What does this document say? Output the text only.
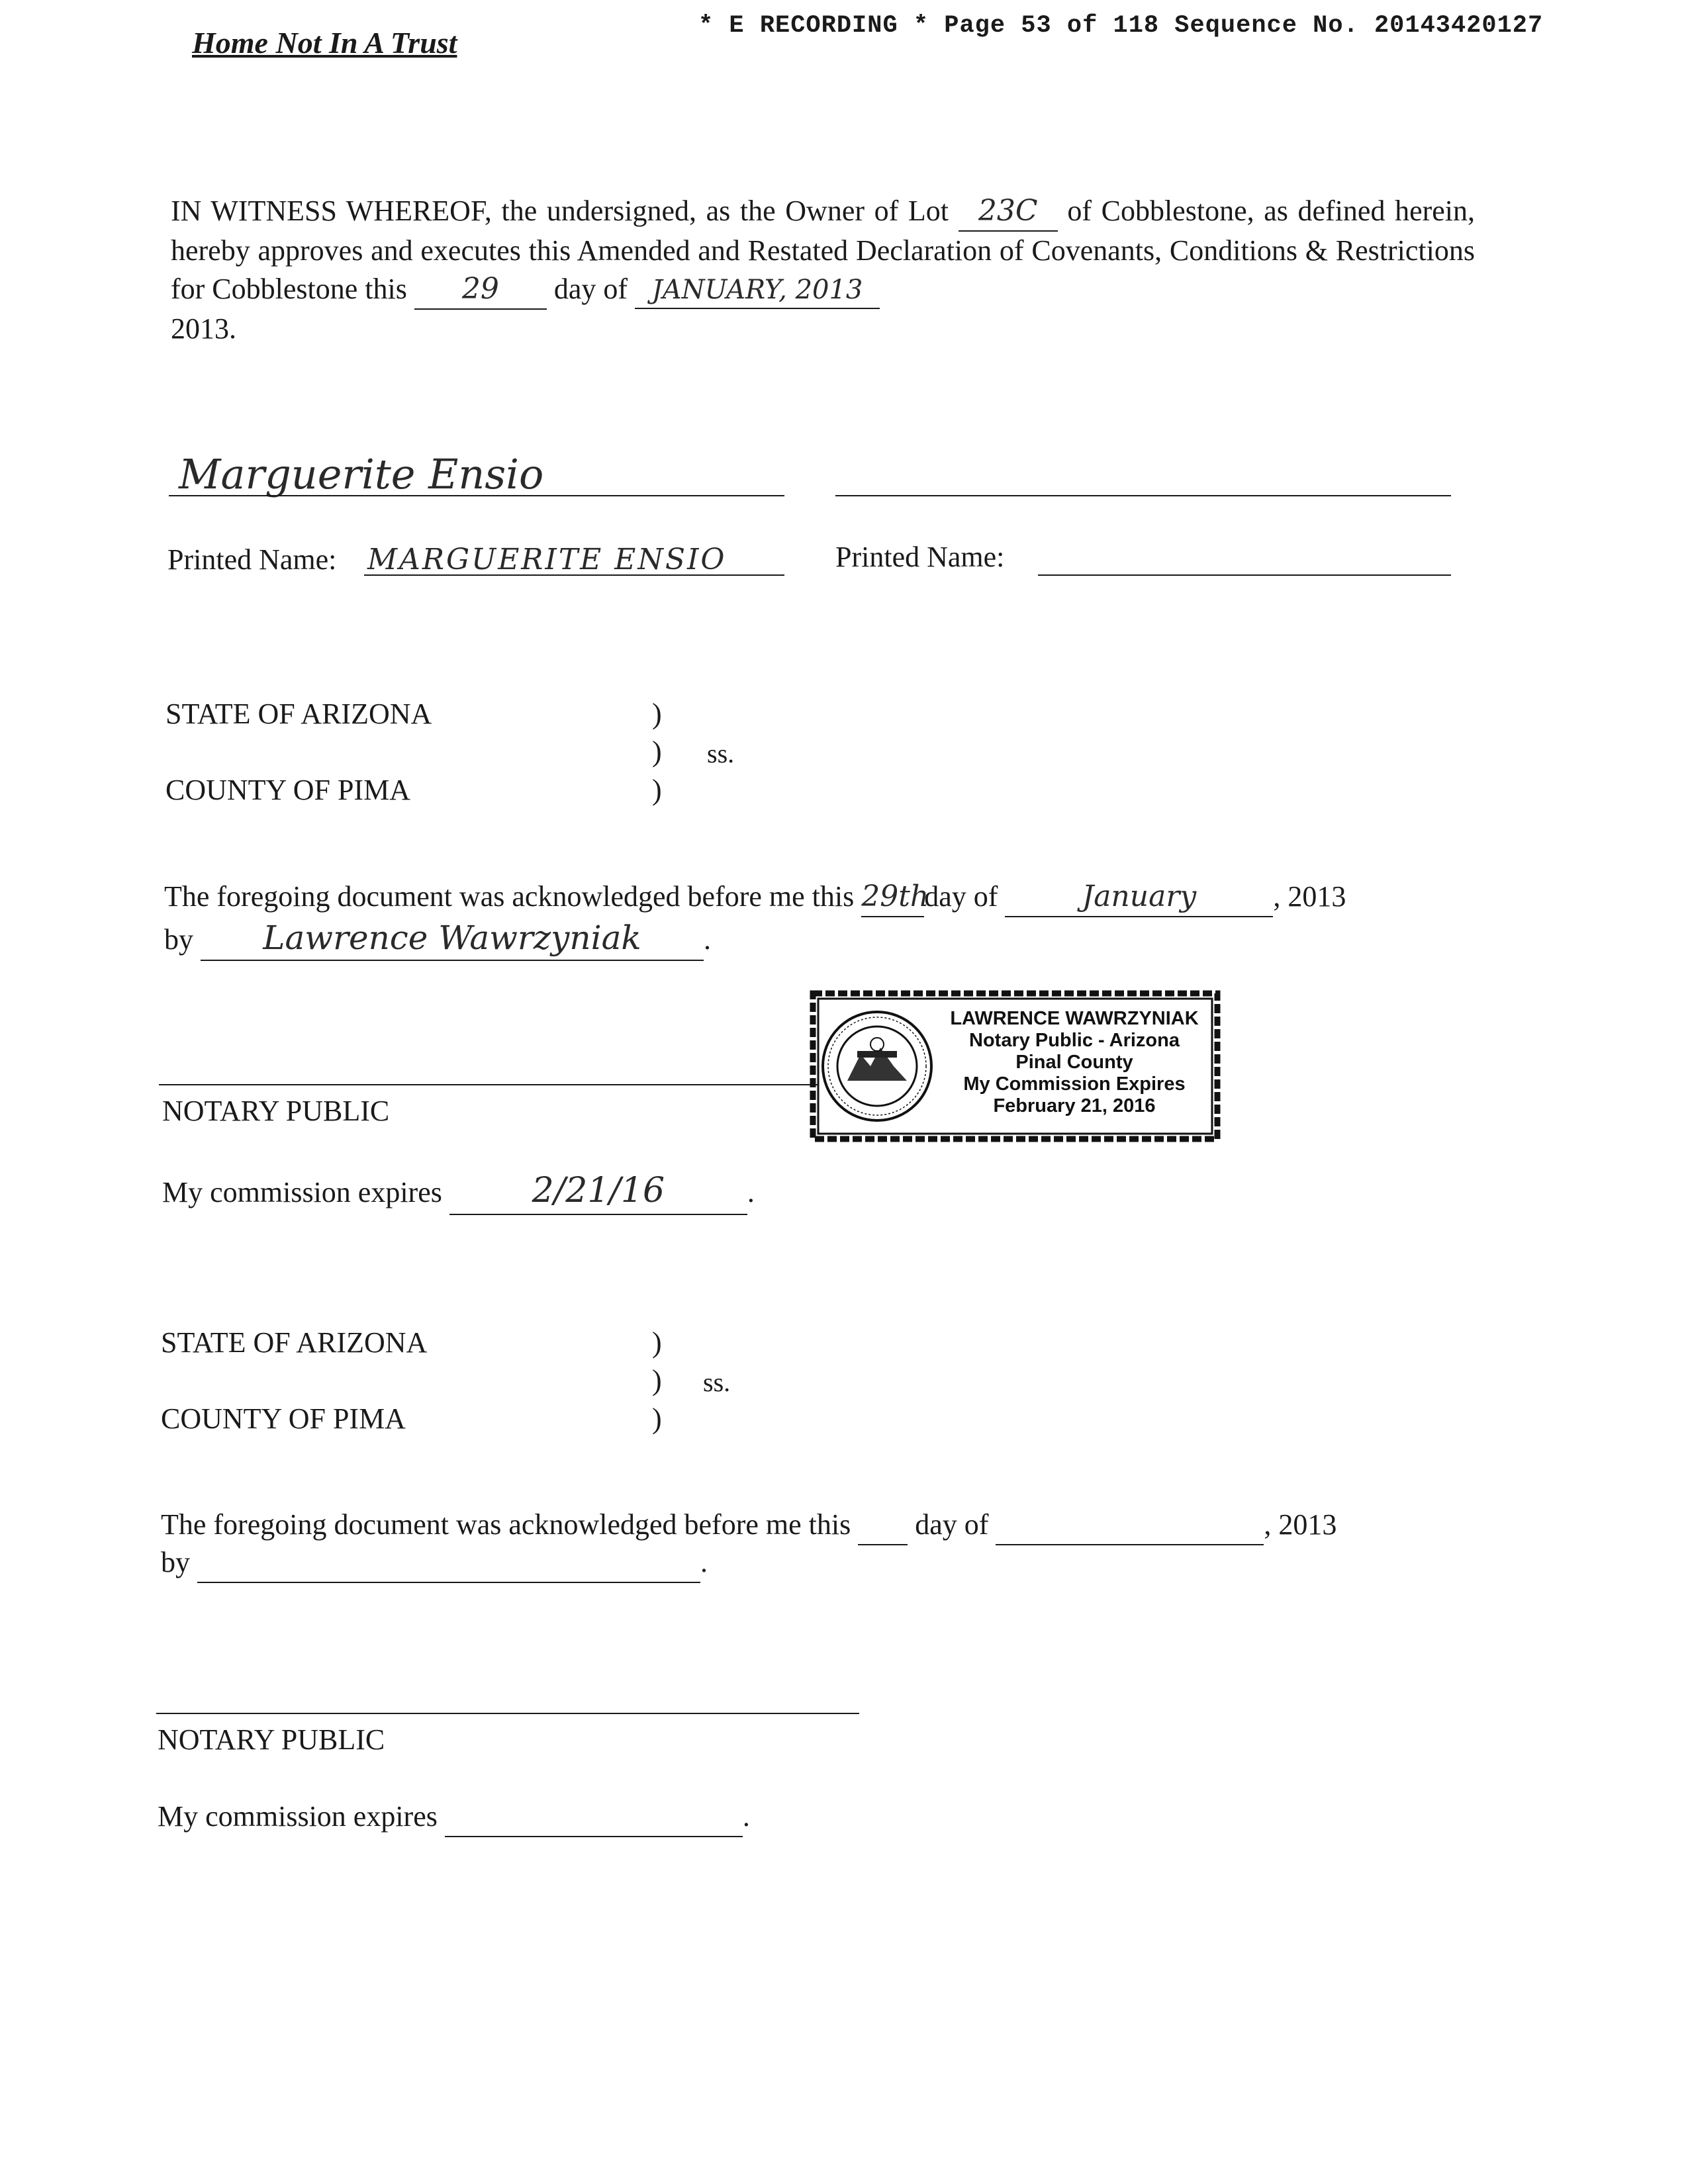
Home Not In A Trust	* E RECORDING * Page 53 of 118 Sequence No. 20143420127
IN WITNESS WHEREOF, the undersigned, as the Owner of Lot 23C of Cobblestone, as defined herein, hereby approves and executes this Amended and Restated Declaration of Covenants, Conditions & Restrictions for Cobblestone this 29 day of JANUARY, 2013
2013.
Marguerite Ensio
Printed Name: MARGUERITE ENSIO	Printed Name:
STATE OF ARIZONA	)
) ss.
COUNTY OF PIMA	)
The foregoing document was acknowledged before me this 29thday of	January	, 2013
by Lawrence Wawrzyniak .
NOTARY PUBLIC
My commission expires	2/21/16	.
LAWRENCE WAWRZYNIAK
Notary Public - Arizona
Pinal County
My Commission Expires
February 21, 2016
STATE OF ARIZONA	)
) ss.
COUNTY OF PIMA	)
The foregoing document was acknowledged before me this day of	, 2013
by	.
NOTARY PUBLIC
My commission expires	.
